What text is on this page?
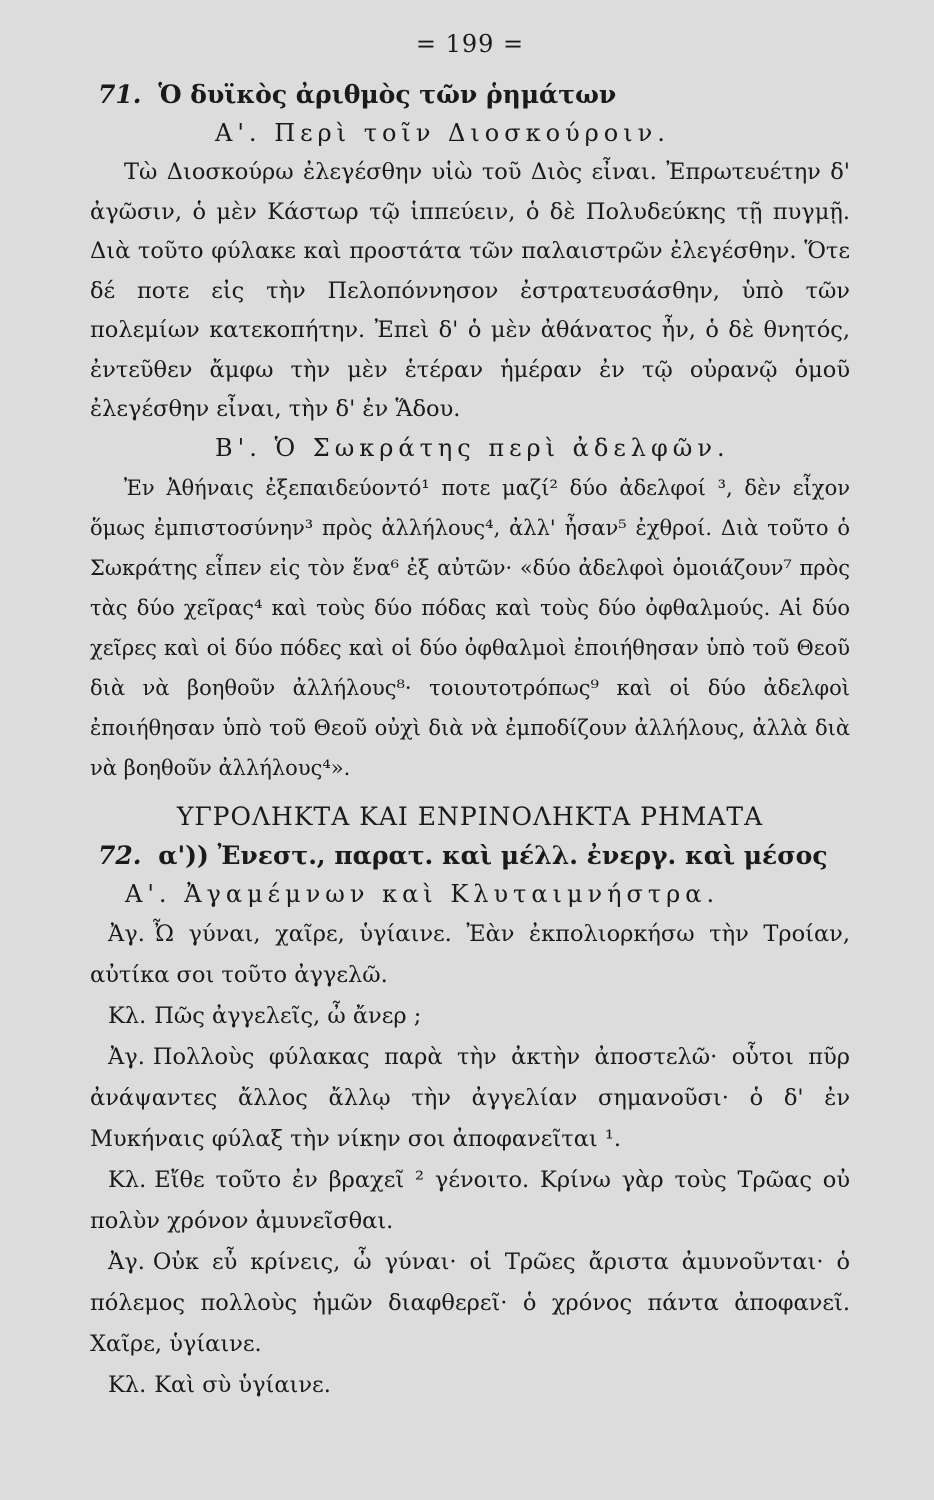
= 199 =
71. Ὁ δυϊκὸς ἀριθμὸς τῶν ῥημάτων
Α'. Περὶ τοῖν Διοσκούροιν.

Τὼ Διοσκούρω ἐλεγέσθην υἱὼ τοῦ Διὸς εἶναι. Ἐπρωτευέτην δ' ἀγῶσιν, ὁ μὲν Κάστωρ τῷ ἱππεύειν, ὁ δὲ Πολυδεύκης τῇ πυγμῇ. Διὰ τοῦτο φύλακε καὶ προστάτα τῶν παλαιστρῶν ἐλεγέσθην. Ὅτε δέ ποτε εἰς τὴν Πελοπόννησον ἐστρατευσάσθην, ὑπὸ τῶν πολεμίων κατεκοπήτην. Ἐπεὶ δ' ὁ μὲν ἀθάνατος ἦν, ὁ δὲ θνητός, ἐντεῦθεν ἄμφω τὴν μὲν ἑτέραν ἡμέραν ἐν τῷ οὐρανῷ ὁμοῦ ἐλεγέσθην εἶναι, τὴν δ' ἐν Ἅδου.

Β'. Ὁ Σωκράτης περὶ ἀδελφῶν.

Ἐν Ἀθήναις ἐξεπαιδεύοντό¹ ποτε μαζί² δύο ἀδελφοί ³, δὲν εἶχον ὅμως ἐμπιστοσύνην³ πρὸς ἀλλήλους⁴, ἀλλ' ἦσαν⁵ ἐχθροί. Διὰ τοῦτο ὁ Σωκράτης εἶπεν εἰς τὸν ἕνα⁶ ἐξ αὐτῶν· «δύο ἀδελφοὶ ὁμοιάζουν⁷ πρὸς τὰς δύο χεῖρας⁴ καὶ τοὺς δύο πόδας καὶ τοὺς δύο ὀφθαλμούς. Αἱ δύο χεῖρες καὶ οἱ δύο πόδες καὶ οἱ δύο ὀφθαλμοὶ ἐποιήθησαν ὑπὸ τοῦ Θεοῦ διὰ νὰ βοηθοῦν ἀλλήλους⁸· τοιουτοτρόπως⁹ καὶ οἱ δύο ἀδελφοὶ ἐποιήθησαν ὑπὸ τοῦ Θεοῦ οὐχὶ διὰ νὰ ἐμποδίζουν ἀλλήλους, ἀλλὰ διὰ νὰ βοηθοῦν ἀλλήλους⁴».

ΥΓΡΟΛΗΚΤΑ ΚΑΙ ΕΝΡΙΝΟΛΗΚΤΑ ΡΗΜΑΤΑ
72. α')) Ἐνεστ., παρατ. καὶ μέλλ. ἐνεργ. καὶ μέσος
Α'. Ἀγαμέμνων καὶ Κλυταιμνήστρα.

Ἀγ. Ὦ γύναι, χαῖρε, ὑγίαινε. Ἐὰν ἐκπολιορκήσω τὴν Τροίαν, αὐτίκα σοι τοῦτο ἀγγελῶ.

Κλ. Πῶς ἀγγελεῖς, ὦ ἄνερ ;

Ἀγ. Πολλοὺς φύλακας παρὰ τὴν ἀκτὴν ἀποστελῶ· οὗτοι πῦρ ἀνάψαντες ἄλλος ἄλλῳ τὴν ἀγγελίαν σημανοῦσι· ὁ δ' ἐν Μυκήναις φύλαξ τὴν νίκην σοι ἀποφανεῖται ¹.

Κλ. Εἴθε τοῦτο ἐν βραχεῖ ² γένοιτο. Κρίνω γὰρ τοὺς Τρῶας οὐ πολὺν χρόνον ἀμυνεῖσθαι.

Ἀγ. Οὐκ εὖ κρίνεις, ὦ γύναι· οἱ Τρῶες ἄριστα ἀμυνοῦνται· ὁ πόλεμος πολλοὺς ἡμῶν διαφθερεῖ· ὁ χρόνος πάντα ἀποφανεῖ. Χαῖρε, ὑγίαινε.

Κλ. Καὶ σὺ ὑγίαινε.
